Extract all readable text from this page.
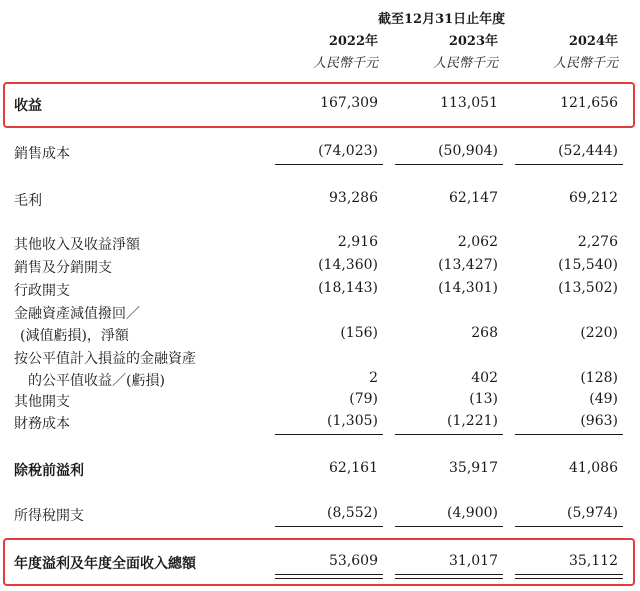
截至12月31日止年度
2022年	2023年	2024年
人民幣千元	人民幣千元	人民幣千元
收益	167,309	113,051	121,656
銷售成本	(74,023)	(50,904)	(52,444)
毛利	93,286	62,147	69,212
其他收入及收益淨額	2,916	2,062	2,276
銷售及分銷開支	(14,360)	(13,427)	(15,540)
行政開支	(18,143)	(14,301)	(13,502)
金融資產減值撥回／
(減值虧損)，淨額	(156)	268	(220)
按公平值計入損益的金融資產
的公平值收益／(虧損)	2	402	(128)
其他開支	(79)	(13)	(49)
財務成本	(1,305)	(1,221)	(963)
除稅前溢利	62,161	35,917	41,086
所得稅開支	(8,552)	(4,900)	(5,974)
年度溢利及年度全面收入總額	53,609	31,017	35,112
